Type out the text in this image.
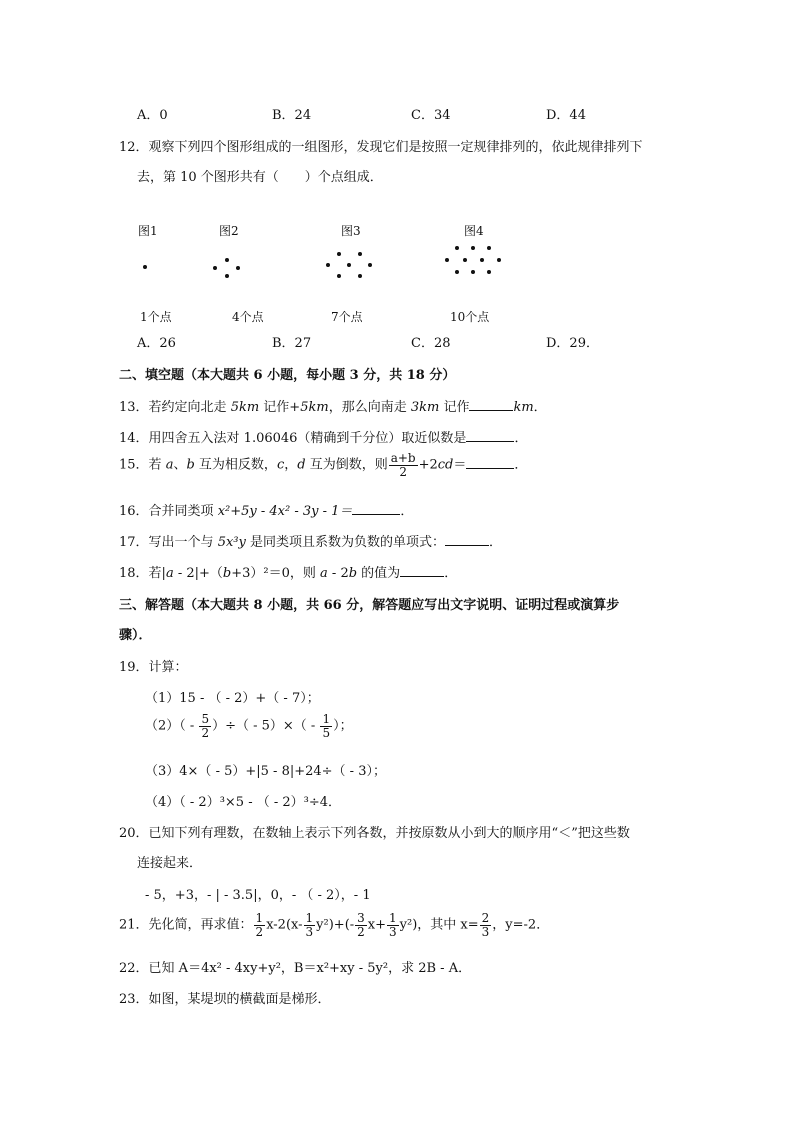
A．0	B．24	C．34	D．44
12．观察下列四个图形组成的一组图形，发现它们是按照一定规律排列的，依此规律排列下
去，第 10 个图形共有（　　）个点组成．
图1	图2	图3	图4
1个点	4个点	7个点	10个点
A．26	B．27	C．28	D．29．
二、填空题（本大题共 6 小题，每小题 3 分，共 18 分）
13．若约定向北走 5km 记作+5km，那么向南走 3km 记作	km．
14．用四舍五入法对 1.06046（精确到千分位）取近似数是	．
15．若 a、b 互为相反数，c，d 互为倒数，则 $\frac{a+b}{2} +2cd=$	．
16．合并同类项 x²+5y - 4x² - 3y - 1＝	．
17．写出一个与 5x³y 是同类项且系数为负数的单项式：	．
18．若|a - 2|+（b+3）²＝0，则 a - 2b 的值为	．
三、解答题（本大题共 8 小题，共 66 分，解答题应写出文字说明、证明过程或演算步
骤）．
19．计算：
（1）15 - （ - 2）+（ - 7）；
$(2)( - \frac{5}{2}$ ）÷（ - $5)\times( - \frac{1}{5}$ ）；
（3）4×（ - 5）+|5 - 8|+24÷（ - 3）；
（4）（ - 2）³×5 - （ - 2）³÷4．
20．已知下列有理数，在数轴上表示下列各数，并按原数从小到大的顺序用“＜”把这些数
连接起来．
- 5，+3，- | - 3.5|，0，- （ - 2），- 1
21．先化简，再求值： $\frac{1}{2} x-2(x- \frac{1}{3} y^2)+(- \frac{3}{2} x+ \frac{1}{3} y^2)$，其中 $x= \frac{2}{3}$ ，y=-2．
22．已知 A＝4x² - 4xy+y²，B＝x²+xy - 5y²，求 2B - A．
23．如图，某堤坝的横截面是梯形．
